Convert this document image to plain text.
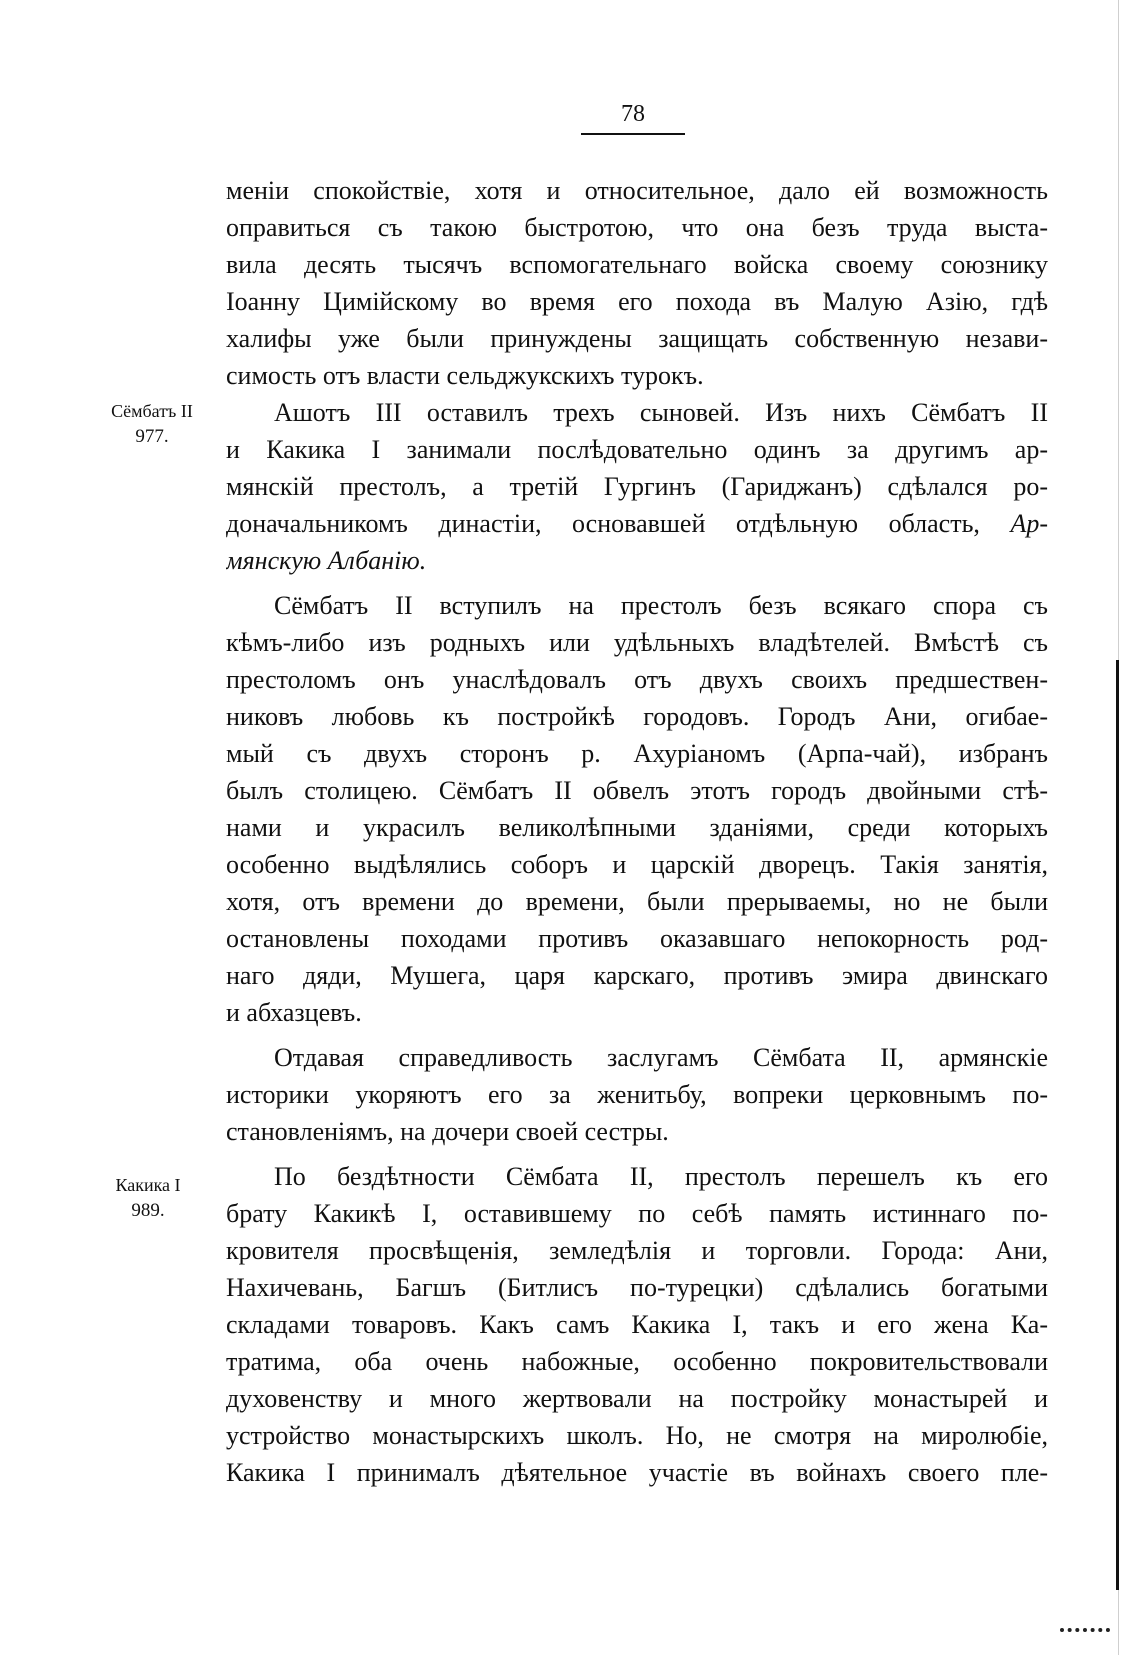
78
Сёмбатъ II
977.
Какика I
989.
меніи спокойствіе, хотя и относительное, дало ей возможность
оправиться съ такою быстротою, что она безъ труда выста-
вила десять тысячъ вспомогательнаго войска своему союзнику
Іоанну Цимійскому во время его похода въ Малую Азію, гдѣ
халифы уже были принуждены защищать собственную незави-
симость отъ власти сельджукскихъ турокъ.
Ашотъ III оставилъ трехъ сыновей. Изъ нихъ Сёмбатъ II
и Какика I занимали послѣдовательно одинъ за другимъ ар-
мянскій престолъ, а третій Гургинъ (Гариджанъ) сдѣлался ро-
доначальникомъ династіи, основавшей отдѣльную область, Ар-
мянскую Албанію.
Сёмбатъ II вступилъ на престолъ безъ всякаго спора съ
кѣмъ-либо изъ родныхъ или удѣльныхъ владѣтелей. Вмѣстѣ съ
престоломъ онъ унаслѣдовалъ отъ двухъ своихъ предшествен-
никовъ любовь къ постройкѣ городовъ. Городъ Ани, огибае-
мый съ двухъ сторонъ р. Ахуріаномъ (Арпа-чай), избранъ
былъ столицею. Сёмбатъ II обвелъ этотъ городъ двойными стѣ-
нами и украсилъ великолѣпными зданіями, среди которыхъ
особенно выдѣлялись соборъ и царскій дворецъ. Такія занятія,
хотя, отъ времени до времени, были прерываемы, но не были
остановлены походами противъ оказавшаго непокорность род-
наго дяди, Мушега, царя карскаго, противъ эмира двинскаго
и абхазцевъ.
Отдавая справедливость заслугамъ Сёмбата II, армянскіе
историки укоряютъ его за женитьбу, вопреки церковнымъ по-
становленіямъ, на дочери своей сестры.
По бездѣтности Сёмбата II, престолъ перешелъ къ его
брату Какикѣ I, оставившему по себѣ память истиннаго по-
кровителя просвѣщенія, земледѣлія и торговли. Города: Ани,
Нахичевань, Багшъ (Битлисъ по-турецки) сдѣлались богатыми
складами товаровъ. Какъ самъ Какика I, такъ и его жена Ка-
тратима, оба очень набожные, особенно покровительствовали
духовенству и много жертвовали на постройку монастырей и
устройство монастырскихъ школъ. Но, не смотря на миролюбіе,
Какика I принималъ дѣятельное участіе въ войнахъ своего пле-
